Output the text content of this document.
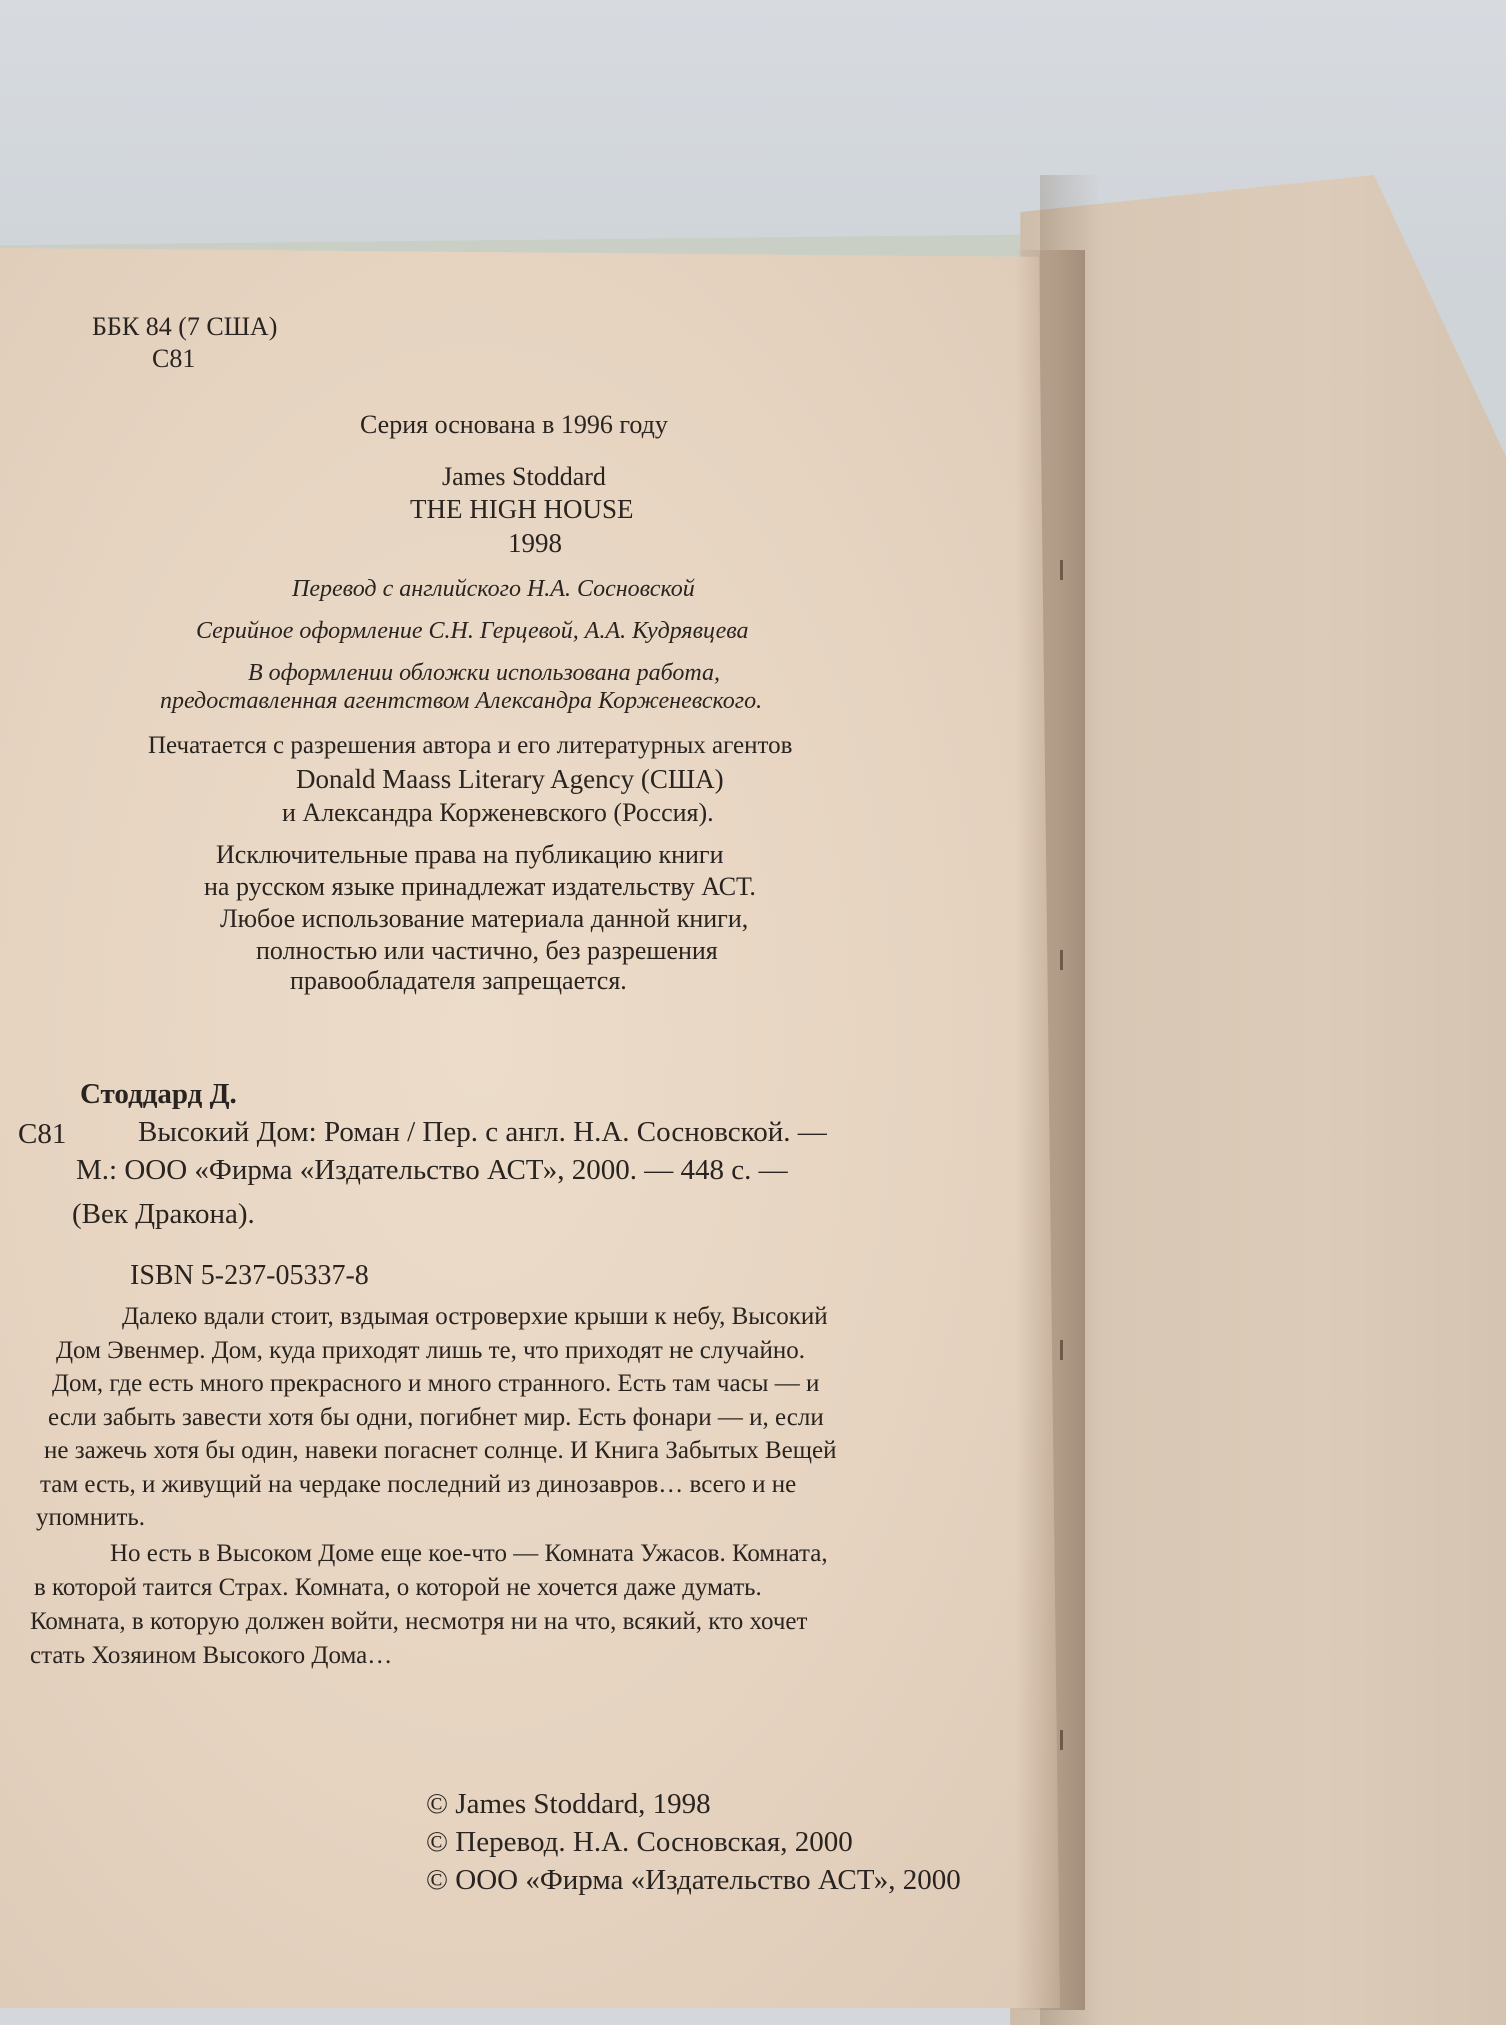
ББК 84 (7 США)
С81
Серия основана в 1996 году
James Stoddard
THE HIGH HOUSE
1998
Перевод с английского Н.А. Сосновской
Серийное оформление С.Н. Герцевой, А.А. Кудрявцева
В оформлении обложки использована работа,
предоставленная агентством Александра Корженевского.
Печатается с разрешения автора и его литературных агентов
Donald Maass Literary Agency (США)
и Александра Корженевского (Россия).
Исключительные права на публикацию книги
на русском языке принадлежат издательству АСТ.
Любое использование материала данной книги,
полностью или частично, без разрешения
правообладателя запрещается.
Стоддард Д.
С81 Высокий Дом: Роман / Пер. с англ. Н.А. Сосновской. —
М.: ООО «Фирма «Издательство АСТ», 2000. — 448 с. —
(Век Дракона).
ISBN 5-237-05337-8
Далеко вдали стоит, вздымая островерхие крыши к небу, Высокий
Дом Эвенмер. Дом, куда приходят лишь те, что приходят не случайно.
Дом, где есть много прекрасного и много странного. Есть там часы — и
если забыть завести хотя бы одни, погибнет мир. Есть фонари — и, если
не зажечь хотя бы один, навеки погаснет солнце. И Книга Забытых Вещей
там есть, и живущий на чердаке последний из динозавров… всего и не
упомнить.
Но есть в Высоком Доме еще кое-что — Комната Ужасов. Комната,
в которой таится Страх. Комната, о которой не хочется даже думать.
Комната, в которую должен войти, несмотря ни на что, всякий, кто хочет
стать Хозяином Высокого Дома…
© James Stoddard, 1998
© Перевод. Н.А. Сосновская, 2000
© ООО «Фирма «Издательство АСТ», 2000
